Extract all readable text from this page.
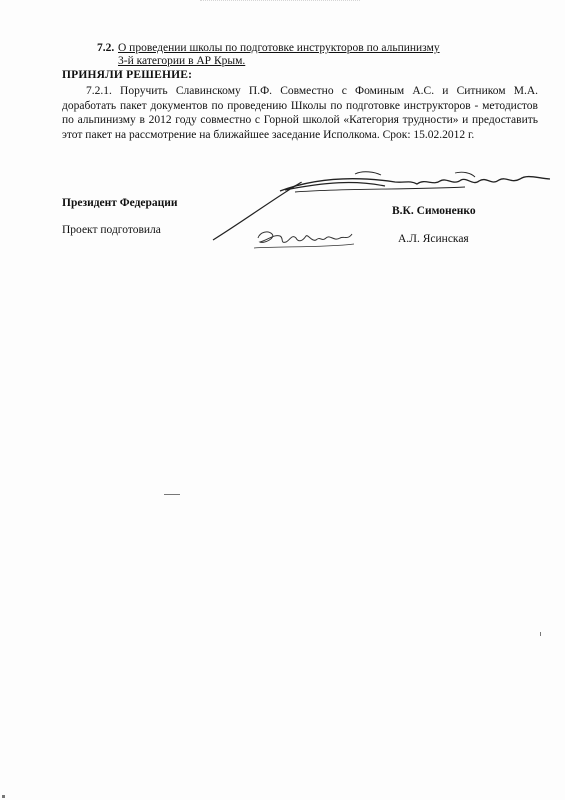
7.2. О проведении школы по подготовке инструкторов по альпинизму
3-й категории в АР Крым.
ПРИНЯЛИ РЕШЕНИЕ:

7.2.1. Поручить Славинскому П.Ф. Совместно с Фоминым А.С. и Ситником М.А. доработать пакет документов по проведению Школы по подготовке инструкторов - методистов по альпинизму в 2012 году совместно с Горной школой «Категория трудности» и предоставить этот пакет на рассмотрение на ближайшее заседание Исполкома. Срок: 15.02.2012 г.

Президент Федерации
В.К. Симоненко
Проект подготовила
А.Л. Ясинская
